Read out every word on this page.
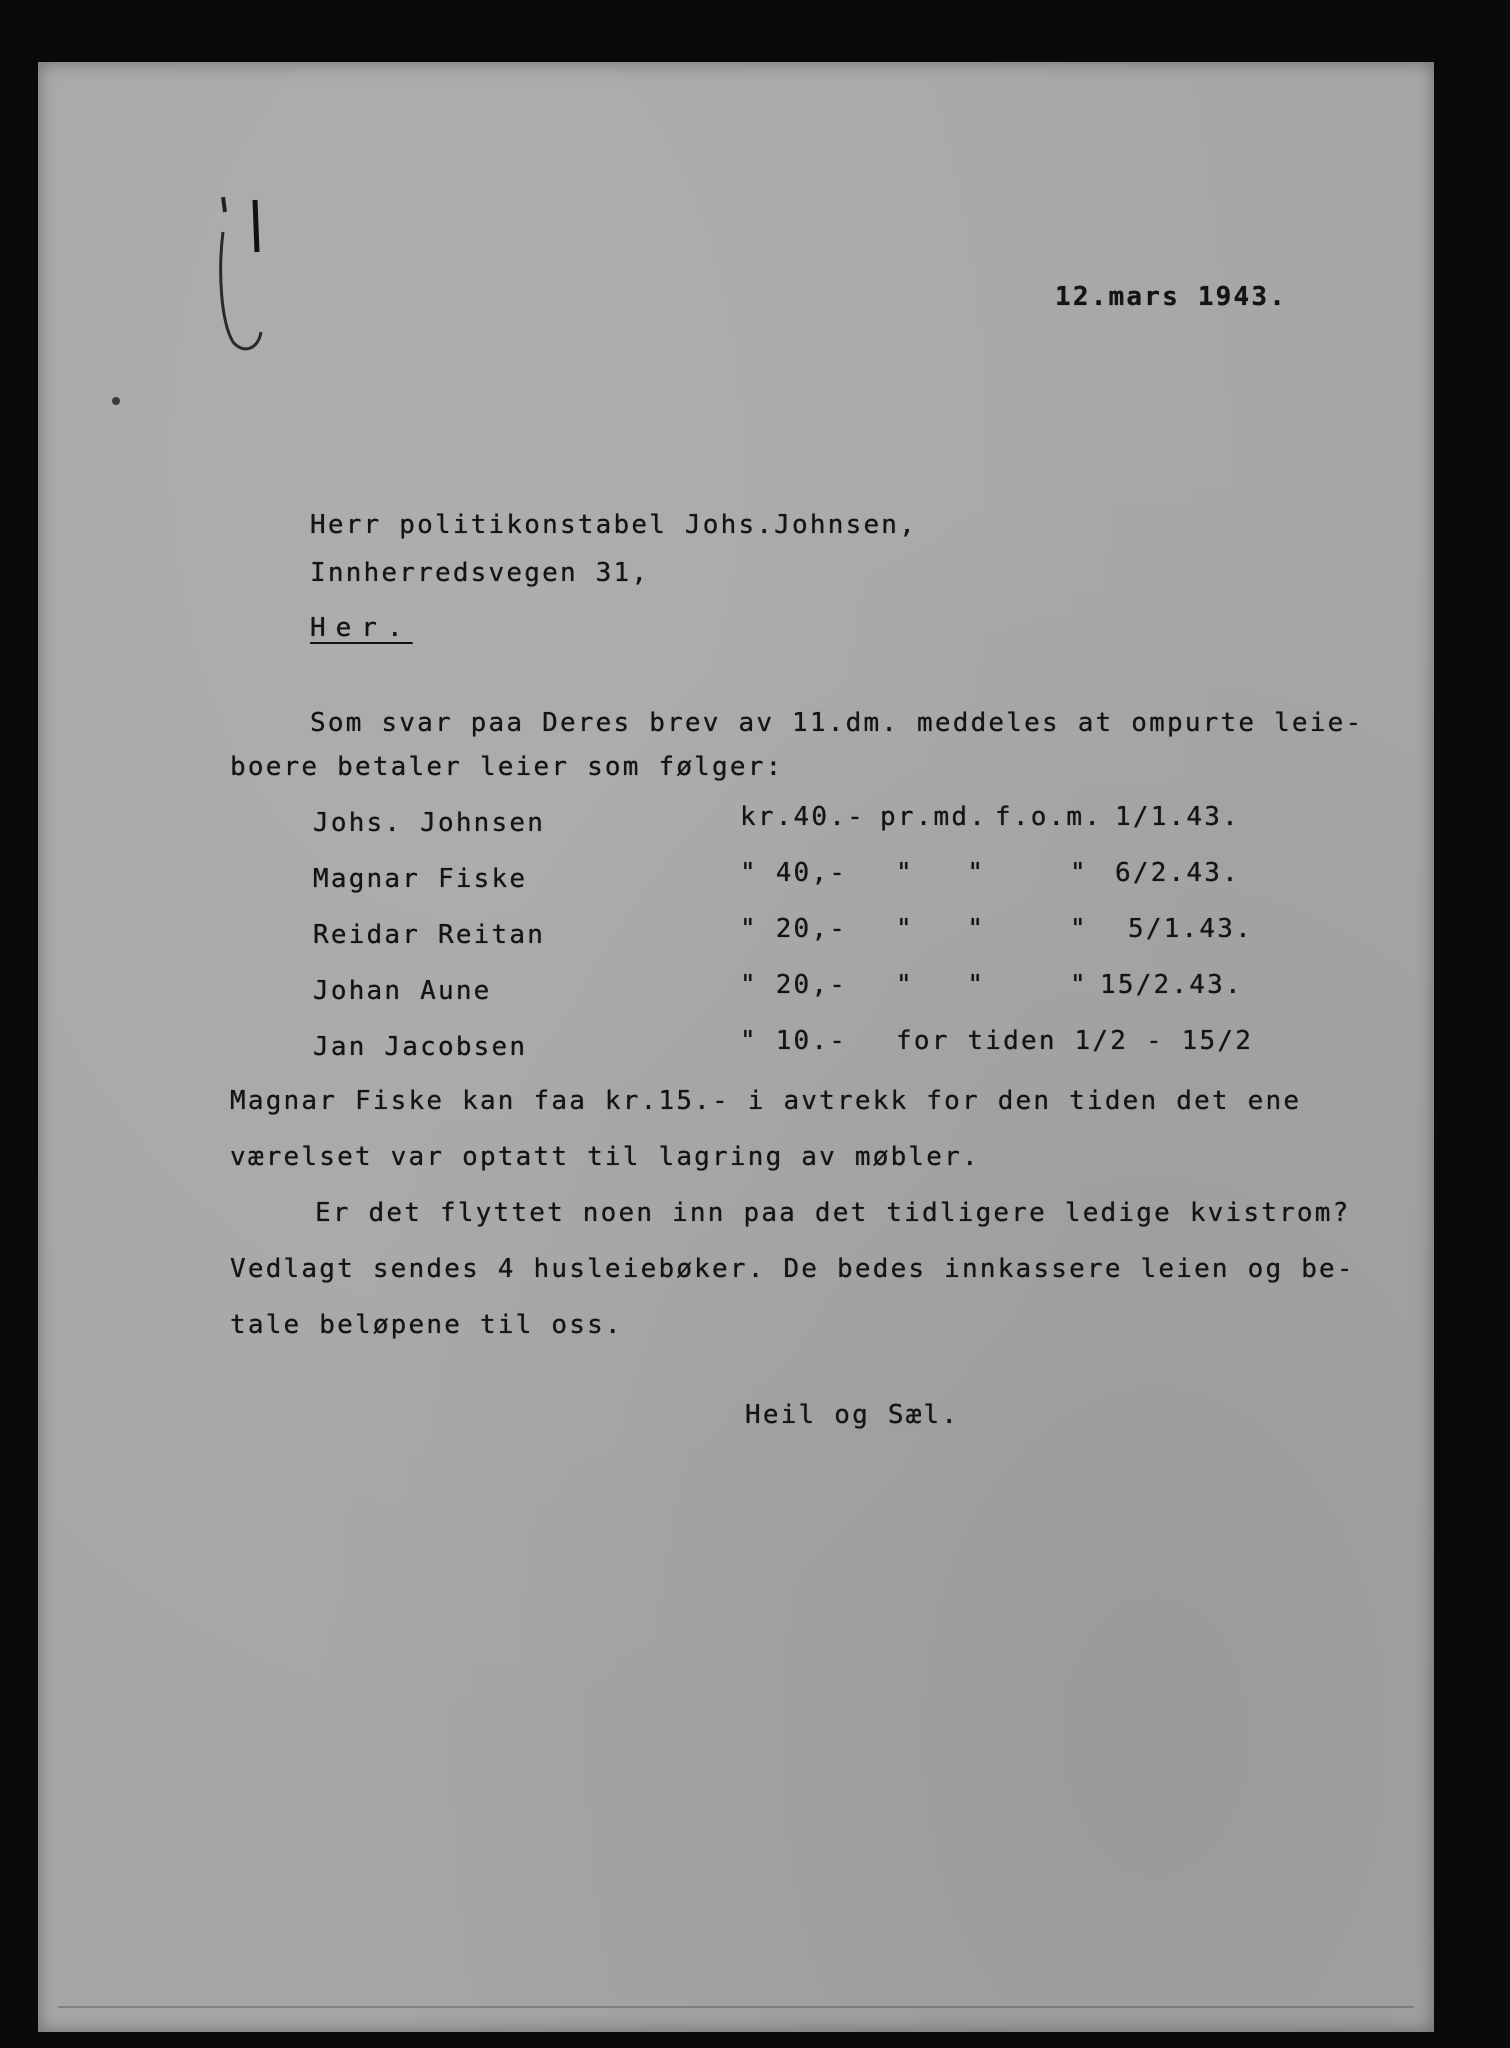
12.mars 1943.
Herr politikonstabel Johs.Johnsen,
Innherredsvegen 31,
Her.
Som svar paa Deres brev av 11.dm. meddeles at ompurte leie-
boere betaler leier som følger:
Johs. Johnsen	kr.40.- pr.md. f.o.m. 1/1.43.
Magnar Fiske	" 40,- "   "	" 6/2.43.
Reidar Reitan	" 20,- "   "	" 5/1.43.
Johan Aune	" 20,- "   "	" 15/2.43.
Jan Jacobsen	" 10.- for tiden 1/2 - 15/2
Magnar Fiske kan faa kr.15.- i avtrekk for den tiden det ene
værelset var optatt til lagring av møbler.
Er det flyttet noen inn paa det tidligere ledige kvistrom?
Vedlagt sendes 4 husleiebøker. De bedes innkassere leien og be-
tale beløpene til oss.
Heil og Sæl.
